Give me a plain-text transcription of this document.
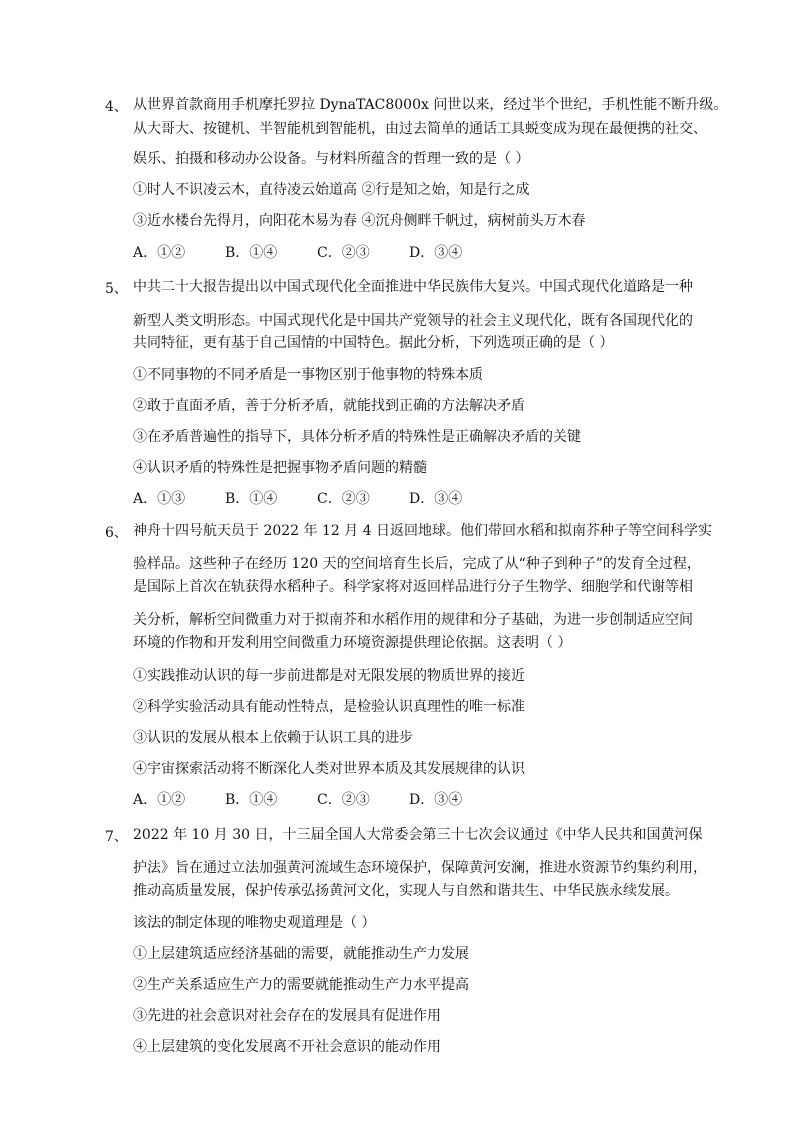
4、 从世界首款商用手机摩托罗拉 DynaTAC8000x 问世以来，经过半个世纪，手机性能不断升级。
从大哥大、按键机、半智能机到智能机，由过去简单的通话工具蜕变成为现在最便携的社交、
娱乐、拍摄和移动办公设备。与材料所蕴含的哲理一致的是（ ）
①时人不识凌云木，直待凌云始道高 ②行是知之始，知是行之成
③近水楼台先得月，向阳花木易为春 ④沉舟侧畔千帆过，病树前头万木春
A．①②	B．①④	C．②③	D．③④
5、 中共二十大报告提出以中国式现代化全面推进中华民族伟大复兴。中国式现代化道路是一种
新型人类文明形态。中国式现代化是中国共产党领导的社会主义现代化，既有各国现代化的
共同特征，更有基于自己国情的中国特色。据此分析，下列选项正确的是（ ）
①不同事物的不同矛盾是一事物区别于他事物的特殊本质
②敢于直面矛盾，善于分析矛盾，就能找到正确的方法解决矛盾
③在矛盾普遍性的指导下，具体分析矛盾的特殊性是正确解决矛盾的关键
④认识矛盾的特殊性是把握事物矛盾问题的精髓
A．①③	B．①④	C．②③	D．③④
6、 神舟十四号航天员于 2022 年 12 月 4 日返回地球。他们带回水稻和拟南芥种子等空间科学实
验样品。这些种子在经历 120 天的空间培育生长后，完成了从“种子到种子”的发育全过程，
是国际上首次在轨获得水稻种子。科学家将对返回样品进行分子生物学、细胞学和代谢等相
关分析，解析空间微重力对于拟南芥和水稻作用的规律和分子基础，为进一步创制适应空间
环境的作物和开发利用空间微重力环境资源提供理论依据。这表明（ ）
①实践推动认识的每一步前进都是对无限发展的物质世界的接近
②科学实验活动具有能动性特点，是检验认识真理性的唯一标准
③认识的发展从根本上依赖于认识工具的进步
④宇宙探索活动将不断深化人类对世界本质及其发展规律的认识
A．①②	B．①④	C．②③	D．③④
7、 2022 年 10 月 30 日，十三届全国人大常委会第三十七次会议通过《中华人民共和国黄河保
护法》旨在通过立法加强黄河流域生态环境保护，保障黄河安澜，推进水资源节约集约利用，
推动高质量发展，保护传承弘扬黄河文化，实现人与自然和谐共生、中华民族永续发展。
该法的制定体现的唯物史观道理是（ ）
①上层建筑适应经济基础的需要，就能推动生产力发展
②生产关系适应生产力的需要就能推动生产力水平提高
③先进的社会意识对社会存在的发展具有促进作用
④上层建筑的变化发展离不开社会意识的能动作用
